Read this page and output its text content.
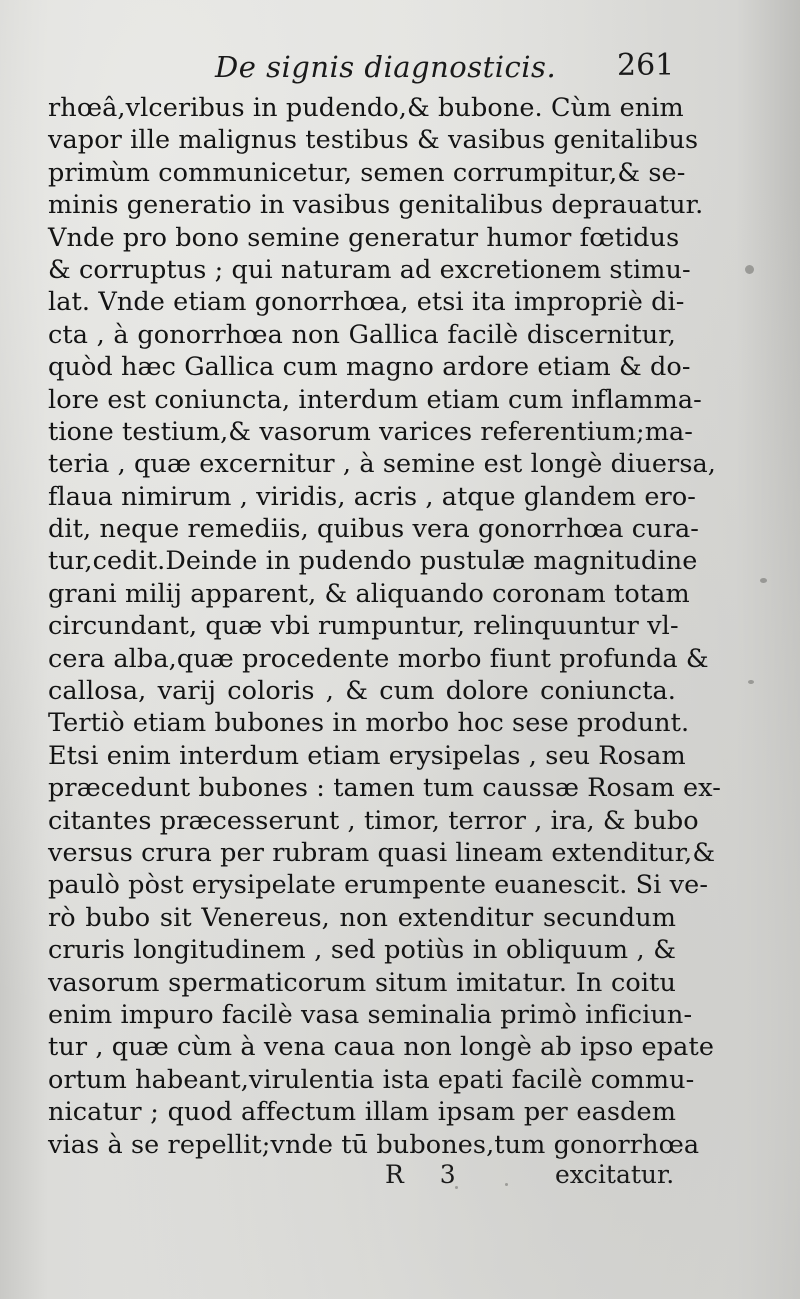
De signis diagnosticis. 261
rhœâ,vlceribus in pudendo,& bubone. Cùm enim
vapor ille malignus testibus & vasibus genitalibus
primùm communicetur, semen corrumpitur,& se-
minis generatio in vasibus genitalibus deprauatur.
Vnde pro bono semine generatur humor fœtidus
& corruptus ; qui naturam ad excretionem stimu-
lat. Vnde etiam gonorrhœa, etsi ita impropriè di-
cta , à gonorrhœa non Gallica facilè discernitur,
quòd hæc Gallica cum magno ardore etiam & do-
lore est coniuncta, interdum etiam cum inflamma-
tione testium,& vasorum varices referentium;ma-
teria , quæ excernitur , à semine est longè diuersa,
flaua nimirum , viridis, acris , atque glandem ero-
dit, neque remediis, quibus vera gonorrhœa cura-
tur,cedit.Deinde in pudendo pustulæ magnitudine
grani milij apparent, & aliquando coronam totam
circundant, quæ vbi rumpuntur, relinquuntur vl-
cera alba,quæ procedente morbo fiunt profunda &
callosa, varij coloris , & cum dolore coniuncta.
Tertiò etiam bubones in morbo hoc sese produnt.
Etsi enim interdum etiam erysipelas , seu Rosam
præcedunt bubones : tamen tum caussæ Rosam ex-
citantes præcesserunt , timor, terror , ira, & bubo
versus crura per rubram quasi lineam extenditur,&
paulò pòst erysipelate erumpente euanescit. Si ve-
rò bubo sit Venereus, non extenditur secundum
cruris longitudinem , sed potiùs in obliquum , &
vasorum spermaticorum situm imitatur. In coitu
enim impuro facilè vasa seminalia primò inficiun-
tur , quæ cùm à vena caua non longè ab ipso epate
ortum habeant,virulentia ista epati facilè commu-
nicatur ; quod affectum illam ipsam per easdem
vias à se repellit;vnde tū bubones,tum gonorrhœa
R 3	excitatur.
